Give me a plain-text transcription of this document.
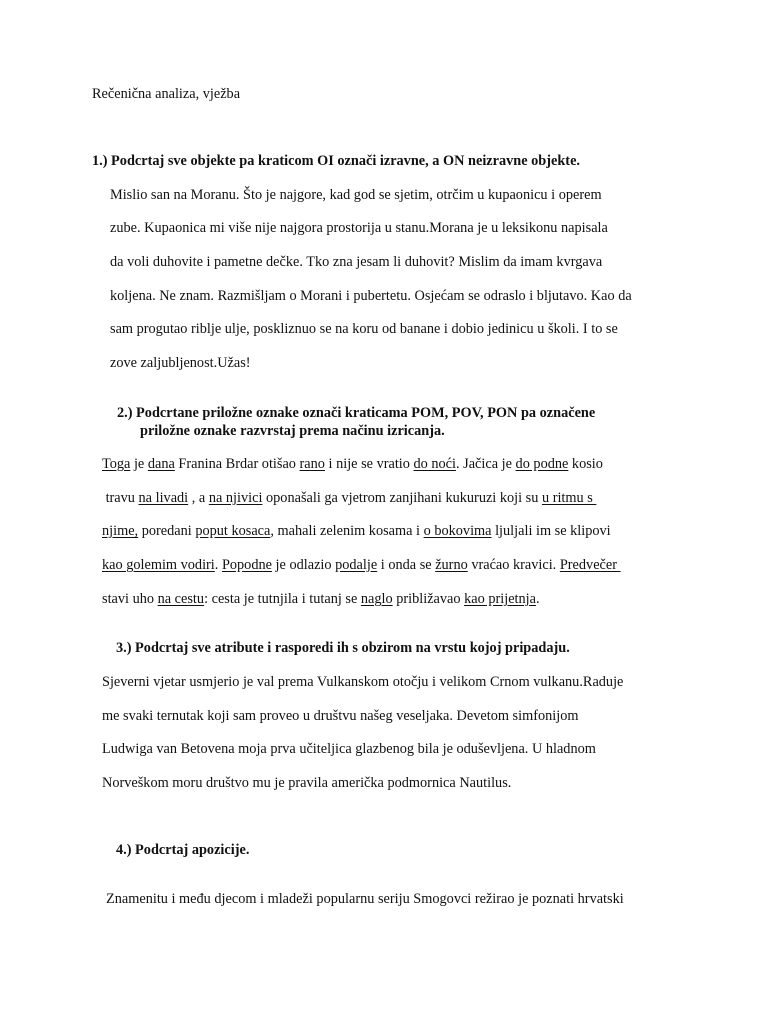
Rečenična analiza, vježba
1.) Podcrtaj sve objekte pa kraticom OI označi izravne, a ON neizravne objekte.
Mislio san na Moranu. Što je najgore, kad god se sjetim, otrčim u kupaonicu i operem
zube. Kupaonica mi više nije najgora prostorija u stanu.Morana je u leksikonu napisala
da voli duhovite i pametne dečke. Tko zna jesam li duhovit? Mislim da imam kvrgava
koljena. Ne znam. Razmišljam o Morani i pubertetu. Osjećam se odraslo i bljutavo. Kao da
sam progutao riblje ulje, poskliznuo se na koru od banane i dobio jedinicu u školi. I to se
zove zaljubljenost.Užas!
2.) Podcrtane priložne oznake označi kraticama POM, POV, PON pa označene
priložne oznake razvrstaj prema načinu izricanja.
Toga je dana Franina Brdar otišao rano i nije se vratio do noći. Jačica je do podne kosio
travu na livadi , a na njivici oponašali ga vjetrom zanjihani kukuruzi koji su u ritmu s
njime, poredani poput kosaca, mahali zelenim kosama i o bokovima ljuljali im se klipovi
kao golemim vodiri. Popodne je odlazio podalje i onda se žurno vraćao kravici. Predvečer
stavi uho na cestu: cesta je tutnjila i tutanj se naglo približavao kao prijetnja.
3.) Podcrtaj sve atribute i rasporedi ih s obzirom na vrstu kojoj pripadaju.
Sjeverni vjetar usmjerio je val prema Vulkanskom otočju i velikom Crnom vulkanu.Raduje
me svaki ternutak koji sam proveo u društvu našeg veseljaka. Devetom simfonijom
Ludwiga van Betovena moja prva učiteljica glazbenog bila je oduševljena. U hladnom
Norveškom moru društvo mu je pravila američka podmornica Nautilus.
4.) Podcrtaj apozicije.
Znamenitu i među djecom i mladeži popularnu seriju Smogovci režirao je poznati hrvatski
